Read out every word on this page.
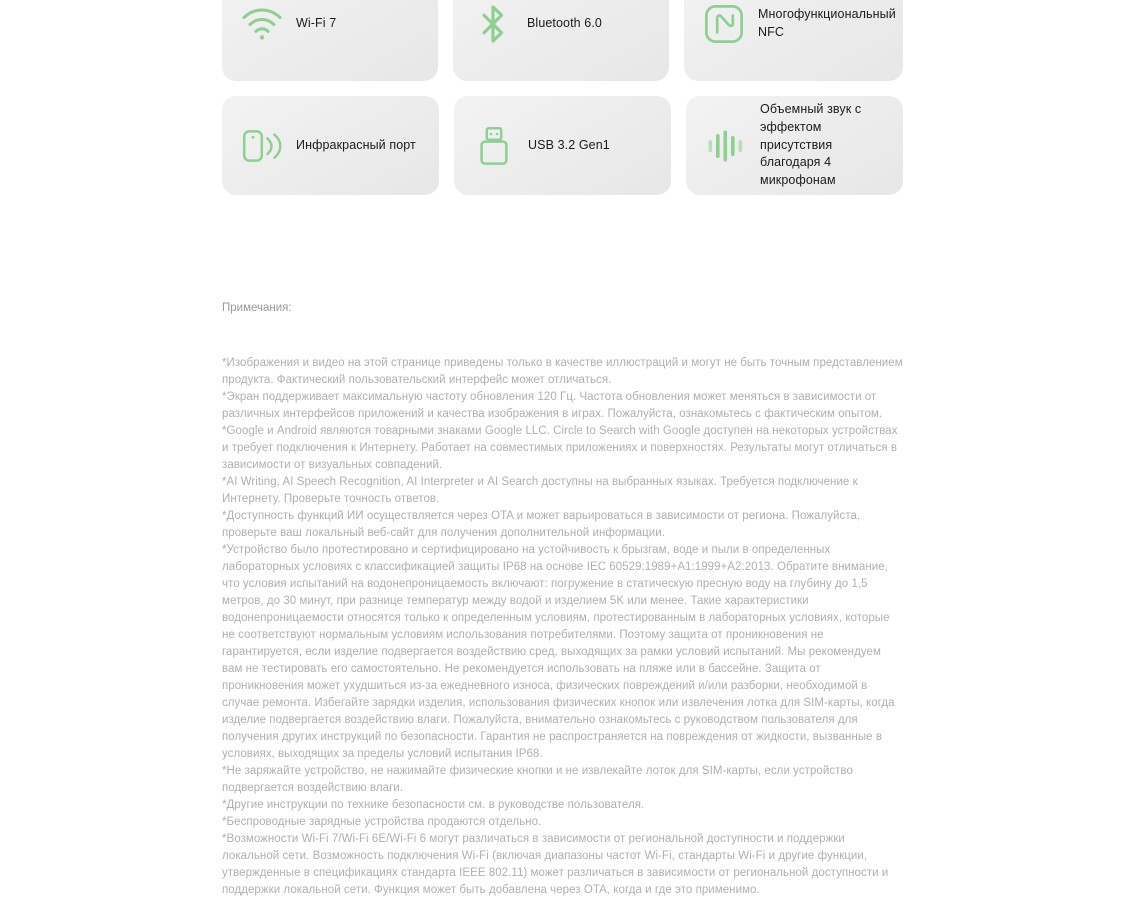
Wi-Fi 7	Bluetooth 6.0
Многофункциональный NFC
Инфракрасный порт	USB 3.2 Gen1
Объемный звук с эффектом присутствия благодаря 4 микрофонам

Примечания:

*Изображения и видео на этой странице приведены только в качестве иллюстраций и могут не быть точным представлением продукта. Фактический пользовательский интерфейс может отличаться.

*Экран поддерживает максимальную частоту обновления 120 Гц. Частота обновления может меняться в зависимости от различных интерфейсов приложений и качества изображения в играх. Пожалуйста, ознакомьтесь с фактическим опытом.

*Google и Android являются товарными знаками Google LLC. Circle to Search with Google доступен на некоторых устройствах и требует подключения к Интернету. Работает на совместимых приложениях и поверхностях. Результаты могут отличаться в зависимости от визуальных совпадений.

*AI Writing, AI Speech Recognition, AI Interpreter и AI Search доступны на выбранных языках. Требуется подключение к Интернету. Проверьте точность ответов.

*Доступность функций ИИ осуществляется через OTA и может варьироваться в зависимости от региона. Пожалуйста, проверьте ваш локальный веб-сайт для получения дополнительной информации.

*Устройство было протестировано и сертифицировано на устойчивость к брызгам, воде и пыли в определенных лабораторных условиях с классификацией защиты IP68 на основе IEC 60529:1989+A1:1999+A2:2013. Обратите внимание, что условия испытаний на водонепроницаемость включают: погружение в статическую пресную воду на глубину до 1,5 метров, до 30 минут, при разнице температур между водой и изделием 5K или менее. Такие характеристики водонепроницаемости относятся только к определенным условиям, протестированным в лабораторных условиях, которые не соответствуют нормальным условиям использования потребителями. Поэтому защита от проникновения не гарантируется, если изделие подвергается воздействию сред, выходящих за рамки условий испытаний. Мы рекомендуем вам не тестировать его самостоятельно. Не рекомендуется использовать на пляже или в бассейне. Защита от проникновения может ухудшиться из-за ежедневного износа, физических повреждений и/или разборки, необходимой в случае ремонта. Избегайте зарядки изделия, использования физических кнопок или извлечения лотка для SIM-карты, когда изделие подвергается воздействию влаги. Пожалуйста, внимательно ознакомьтесь с руководством пользователя для получения других инструкций по безопасности. Гарантия не распространяется на повреждения от жидкости, вызванные в условиях, выходящих за пределы условий испытания IP68.

*Не заряжайте устройство, не нажимайте физические кнопки и не извлекайте лоток для SIM-карты, если устройство подвергается воздействию влаги.

*Другие инструкции по технике безопасности см. в руководстве пользователя.

*Беспроводные зарядные устройства продаются отдельно.

*Возможности Wi-Fi 7/Wi-Fi 6E/Wi-Fi 6 могут различаться в зависимости от региональной доступности и поддержки локальной сети. Возможность подключения Wi-Fi (включая диапазоны частот Wi-Fi, стандарты Wi-Fi и другие функции, утвержденные в спецификациях стандарта IEEE 802.11) может различаться в зависимости от региональной доступности и поддержки локальной сети. Функция может быть добавлена через OTA, когда и где это применимо.
